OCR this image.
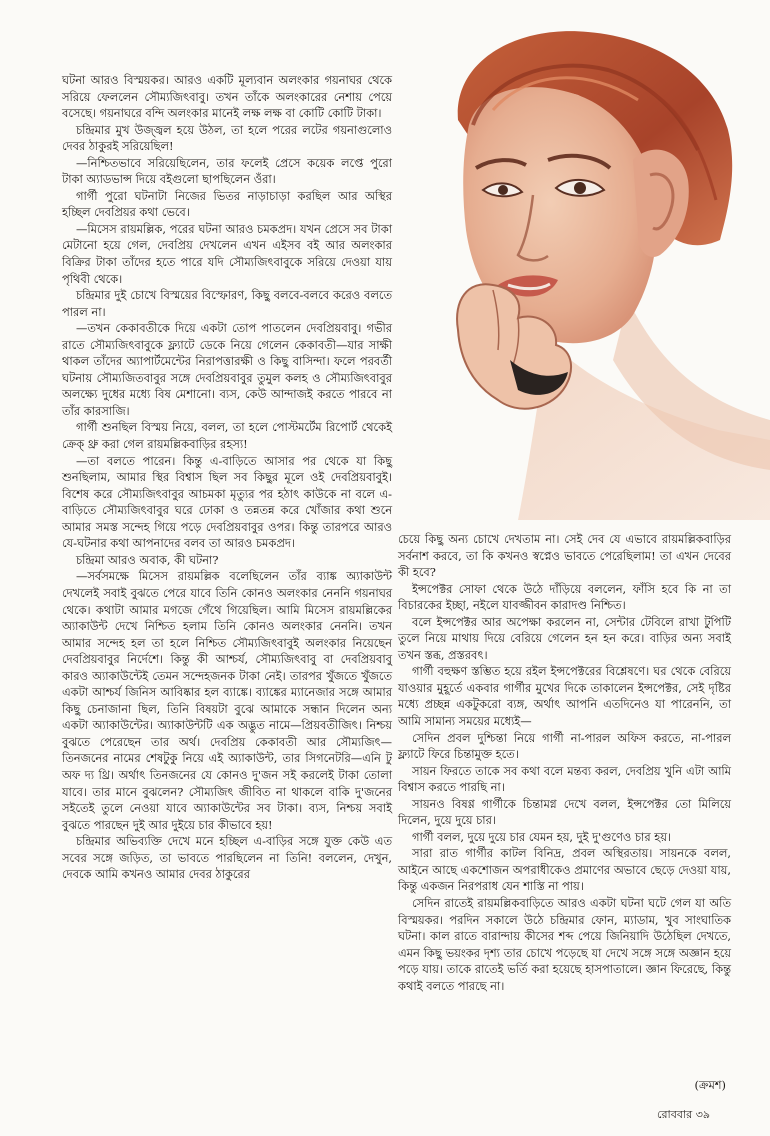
ঘটনা আরও বিস্ময়কর। আরও একটি মূল্যবান অলংকার গয়নাঘর থেকে সরিয়ে ফেললেন সৌম্যজিৎবাবু। তখন তাঁকে অলংকারের নেশায় পেয়ে বসেছে। গয়নাঘরে বন্দি অলংকার মানেই লক্ষ লক্ষ বা কোটি কোটি টাকা।

চন্দ্রিমার মুখ উজ্জ্বল হয়ে উঠল, তা হলে পরের লটের গয়নাগুলোও দেবর ঠাকুরই সরিয়েছিল!

—নিশ্চিতভাবে সরিয়েছিলেন, তার ফলেই প্রেসে কয়েক লপ্তে পুরো টাকা অ্যাডভান্স দিয়ে বইগুলো ছাপছিলেন ওঁরা।

গার্গী পুরো ঘটনাটা নিজের ভিতর নাড়াচাড়া করছিল আর অস্থির হচ্ছিল দেবপ্রিয়র কথা ভেবে।

—মিসেস রায়মল্লিক, পরের ঘটনা আরও চমকপ্রদ। যখন প্রেসে সব টাকা মেটানো হয়ে গেল, দেবপ্রিয় দেখলেন এখন এইসব বই আর অলংকার বিক্রির টাকা তাঁদের হতে পারে যদি সৌম্যজিৎবাবুকে সরিয়ে দেওয়া যায় পৃথিবী থেকে।

চন্দ্রিমার দুই চোখে বিস্ময়ের বিস্ফোরণ, কিছু বলবে-বলবে করেও বলতে পারল না।

—তখন কেকাবতীকে দিয়ে একটা তোপ পাতলেন দেবপ্রিয়বাবু। গভীর রাতে সৌম্যজিৎবাবুকে ফ্ল্যাটে ডেকে নিয়ে গেলেন কেকাবতী—যার সাক্ষী থাকল তাঁদের অ্যাপার্টমেন্টের নিরাপত্তারক্ষী ও কিছু বাসিন্দা। ফলে পরবর্তী ঘটনায় সৌম্যজিতবাবুর সঙ্গে দেবপ্রিয়বাবুর তুমুল কলহ ও সৌম্যজিৎবাবুর অলক্ষ্যে দুধের মধ্যে বিষ মেশানো। ব্যস, কেউ আন্দাজই করতে পারবে না তাঁর কারসাজি।

গার্গী শুনছিল বিস্ময় নিয়ে, বলল, তা হলে পোস্টমর্টেম রিপোর্ট থেকেই ক্রেক্ থ্রু করা গেল রায়মল্লিকবাড়ির রহস্য!

—তা বলতে পারেন। কিন্তু এ-বাড়িতে আসার পর থেকে যা কিছু শুনছিলাম, আমার স্থির বিশ্বাস ছিল সব কিছুর মূলে ওই দেবপ্রিয়বাবুই। বিশেষ করে সৌম্যজিৎবাবুর আচমকা মৃত্যুর পর হঠাৎ কাউকে না বলে এ-বাড়িতে সৌম্যজিৎবাবুর ঘরে ঢোকা ও তন্নতন্ন করে খোঁজার কথা শুনে আমার সমস্ত সন্দেহ গিয়ে পড়ে দেবপ্রিয়বাবুর ওপর। কিন্তু তারপরে আরও যে-ঘটনার কথা আপনাদের বলব তা আরও চমকপ্রদ।

চন্দ্রিমা আরও অবাক, কী ঘটনা?

—সর্বসমক্ষে মিসেস রায়মল্লিক বলেছিলেন তাঁর ব্যাঙ্ক অ্যাকাউন্ট দেখলেই সবাই বুঝতে পেরে যাবে তিনি কোনও অলংকার নেননি গয়নাঘর থেকে। কথাটা আমার মগজে গেঁথে গিয়েছিল। আমি মিসেস রায়মল্লিকের অ্যাকাউন্ট দেখে নিশ্চিত হলাম তিনি কোনও অলংকার নেননি। তখন আমার সন্দেহ হল তা হলে নিশ্চিত সৌম্যজিৎবাবুই অলংকার নিয়েছেন দেবপ্রিয়বাবুর নির্দেশে। কিন্তু কী আশ্চর্য, সৌম্যজিৎবাবু বা দেবপ্রিয়বাবু কারও অ্যাকাউন্টেই তেমন সন্দেহজনক টাকা নেই। তারপর খুঁজতে খুঁজতে একটা আশ্চর্য জিনিস আবিষ্কার হল ব্যাঙ্কে। ব্যাঙ্কের ম্যানেজার সঙ্গে আমার কিছু চেনাজানা ছিল, তিনি বিষয়টা বুঝে আমাকে সন্ধান দিলেন অন্য একটা অ্যাকাউন্টের। অ্যাকাউন্টটি এক অদ্ভুত নামে—প্রিয়বতীজিৎ। নিশ্চয় বুঝতে পেরেছেন তার অর্থ। দেবপ্রিয় কেকাবতী আর সৌম্যজিৎ—তিনজনের নামের শেষটুকু নিয়ে এই অ্যাকাউন্ট, তার সিগনেটরি—এনি টু অফ দ্য থ্রি। অর্থাৎ তিনজনের যে কোনও দু'জন সই করলেই টাকা তোলা যাবে। তার মানে বুঝলেন? সৌম্যজিৎ জীবিত না থাকলে বাকি দু'জনের সইতেই তুলে নেওয়া যাবে অ্যাকাউন্টের সব টাকা। ব্যস, নিশ্চয় সবাই বুঝতে পারছেন দুই আর দুইয়ে চার কীভাবে হয়!

চন্দ্রিমার অভিব্যক্তি দেখে মনে হচ্ছিল এ-বাড়ির সঙ্গে যুক্ত কেউ এত সবের সঙ্গে জড়িত, তা ভাবতে পারছিলেন না তিনি! বললেন, দেখুন, দেবকে আমি কখনও আমার দেবর ঠাকুরের

চেয়ে কিছু অন্য চোখে দেখতাম না। সেই দেব যে এভাবে রায়মল্লিকবাড়ির সর্বনাশ করবে, তা কি কখনও স্বপ্নেও ভাবতে পেরেছিলাম! তা এখন দেবের কী হবে?

ইন্সপেক্টর সোফা থেকে উঠে দাঁড়িয়ে বললেন, ফাঁসি হবে কি না তা বিচারকের ইচ্ছা, নইলে যাবজ্জীবন কারাদণ্ড নিশ্চিত।

বলে ইন্সপেক্টর আর অপেক্ষা করলেন না, সেন্টার টেবিলে রাখা টুপিটি তুলে নিয়ে মাথায় দিয়ে বেরিয়ে গেলেন হন হন করে। বাড়ির অন্য সবাই তখন স্তব্ধ, প্রস্তরবৎ।

গার্গী বহুক্ষণ স্তম্ভিত হয়ে রইল ইন্সপেক্টরের বিশ্লেষণে। ঘর থেকে বেরিয়ে যাওয়ার মুহূর্তে একবার গার্গীর মুখের দিকে তাকালেন ইন্সপেক্টর, সেই দৃষ্টির মধ্যে প্রচ্ছন্ন একটুকরো ব্যঙ্গ, অর্থাৎ আপনি এতদিনেও যা পারেননি, তা আমি সামান্য সময়ের মধ্যেই—

সেদিন প্রবল দুশ্চিন্তা নিয়ে গার্গী না-পারল অফিস করতে, না-পারল ফ্ল্যাটে ফিরে চিন্তামুক্ত হতে।

সায়ন ফিরতে তাকে সব কথা বলে মন্তব্য করল, দেবপ্রিয় খুনি এটা আমি বিশ্বাস করতে পারছি না।

সায়নও বিষণ্ণ গার্গীকে চিন্তামগ্ন দেখে বলল, ইন্সপেক্টর তো মিলিয়ে দিলেন, দুয়ে দুয়ে চার।

গার্গী বলল, দুয়ে দুয়ে চার যেমন হয়, দুই দু'গুণেও চার হয়।

সারা রাত গার্গীর কাটল বিনিদ্র, প্রবল অস্থিরতায়। সায়নকে বলল, আইনে আছে একশোজন অপরাধীকেও প্রমাণের অভাবে ছেড়ে দেওয়া যায়, কিন্তু একজন নিরপরাধ যেন শাস্তি না পায়।

সেদিন রাতেই রায়মল্লিকবাড়িতে আরও একটা ঘটনা ঘটে গেল যা অতি বিস্ময়কর। পরদিন সকালে উঠে চন্দ্রিমার ফোন, ম্যাডাম, খুব সাংঘাতিক ঘটনা। কাল রাতে বারান্দায় কীসের শব্দ পেয়ে জিনিয়াদি উঠেছিল দেখতে, এমন কিছু ভয়ংকর দৃশ্য তার চোখে পড়েছে যা দেখে সঙ্গে সঙ্গে অজ্ঞান হয়ে পড়ে যায়। তাকে রাতেই ভর্তি করা হয়েছে হাসপাতালে। জ্ঞান ফিরেছে, কিন্তু কথাই বলতে পারছে না।

(ক্রমশ)
রোববার ৩৯
